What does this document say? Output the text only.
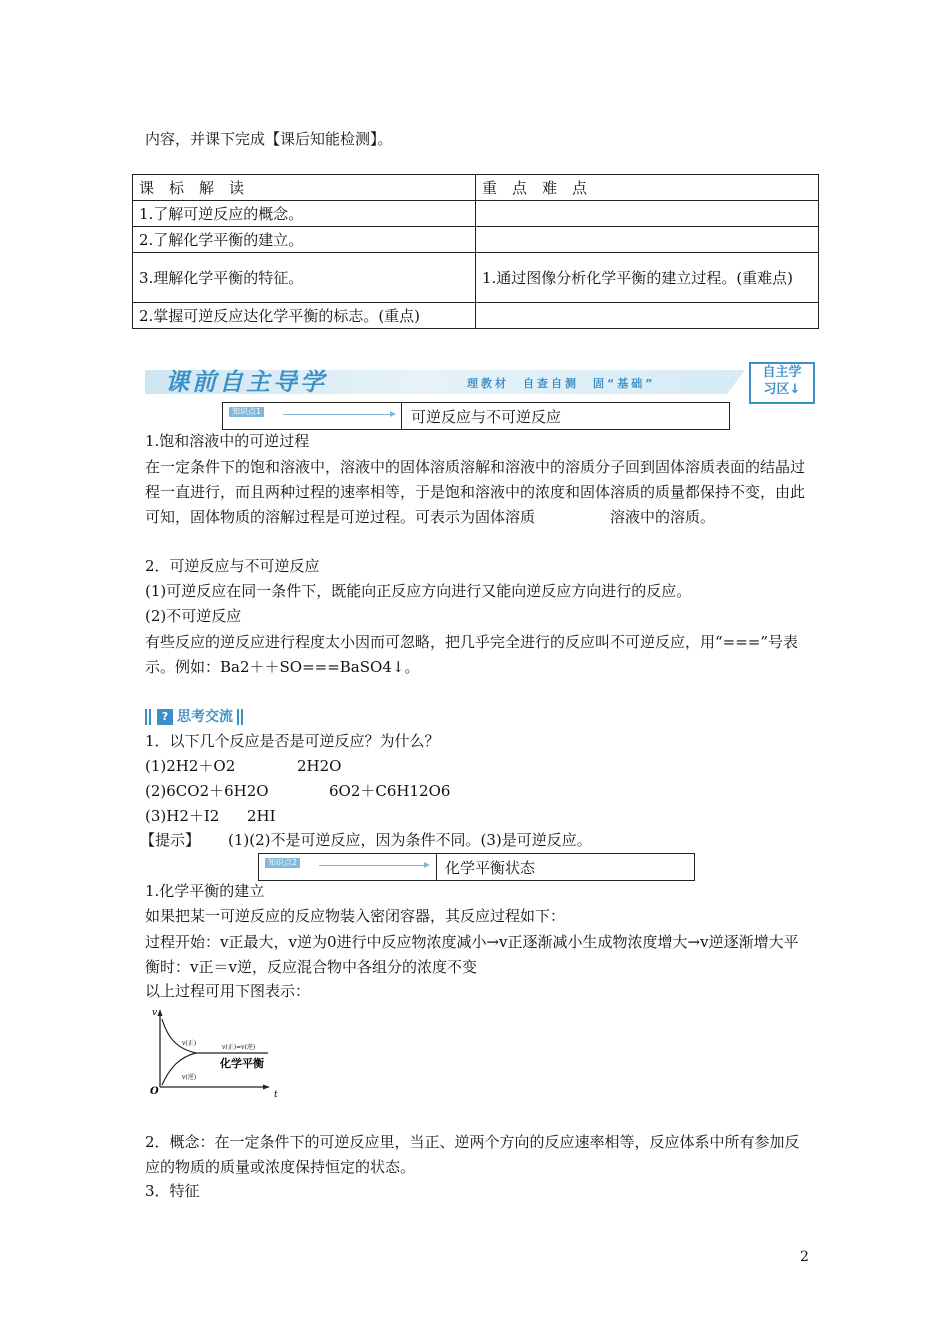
内容，并课下完成【课后知能检测】。
课　标　解　读	重　点　难　点
1.了解可逆反应的概念。	
2.了解化学平衡的建立。	
3.理解化学平衡的特征。	1.通过图像分析化学平衡的建立过程。(重难点)
2.掌握可逆反应达化学平衡的标志。(重点)	
课前自主导学	理教材　自查自测　固“基础”
自主学
习区↓
知识点1	可逆反应与不可逆反应
1.饱和溶液中的可逆过程
在一定条件下的饱和溶液中，溶液中的固体溶质溶解和溶液中的溶质分子回到固体溶质表面的结晶过程一直进行，而且两种过程的速率相等，于是饱和溶液中的浓度和固体溶质的质量都保持不变，由此可知，固体物质的溶解过程是可逆过程。可表示为固体溶质　　　　　溶液中的溶质。
2．可逆反应与不可逆反应
(1)可逆反应在同一条件下，既能向正反应方向进行又能向逆反应方向进行的反应。
(2)不可逆反应
有些反应的逆反应进行程度太小因而可忽略，把几乎完全进行的反应叫不可逆反应，用“===”号表示。例如：Ba2＋＋SO===BaSO4↓。
? 思考交流
1．以下几个反应是否是可逆反应？为什么？
(1)2H2＋O2	2H2O
(2)6CO2＋6H2O	6O2＋C6H12O6
(3)H2＋I2 2HI
【提示】 (1)(2)不是可逆反应，因为条件不同。(3)是可逆反应。
知识点2	化学平衡状态
1.化学平衡的建立
如果把某一可逆反应的反应物装入密闭容器，其反应过程如下：
过程开始：v正最大，v逆为0进行中反应物浓度减小→v正逐渐减小生成物浓度增大→v逆逐渐增大平衡时：v正＝v逆，反应混合物中各组分的浓度不变
以上过程可用下图表示：
v
t
O
v(正)
v(正)=v(逆)
v(逆)
化学平衡
2．概念：在一定条件下的可逆反应里，当正、逆两个方向的反应速率相等，反应体系中所有参加反应的物质的质量或浓度保持恒定的状态。
3．特征
2
